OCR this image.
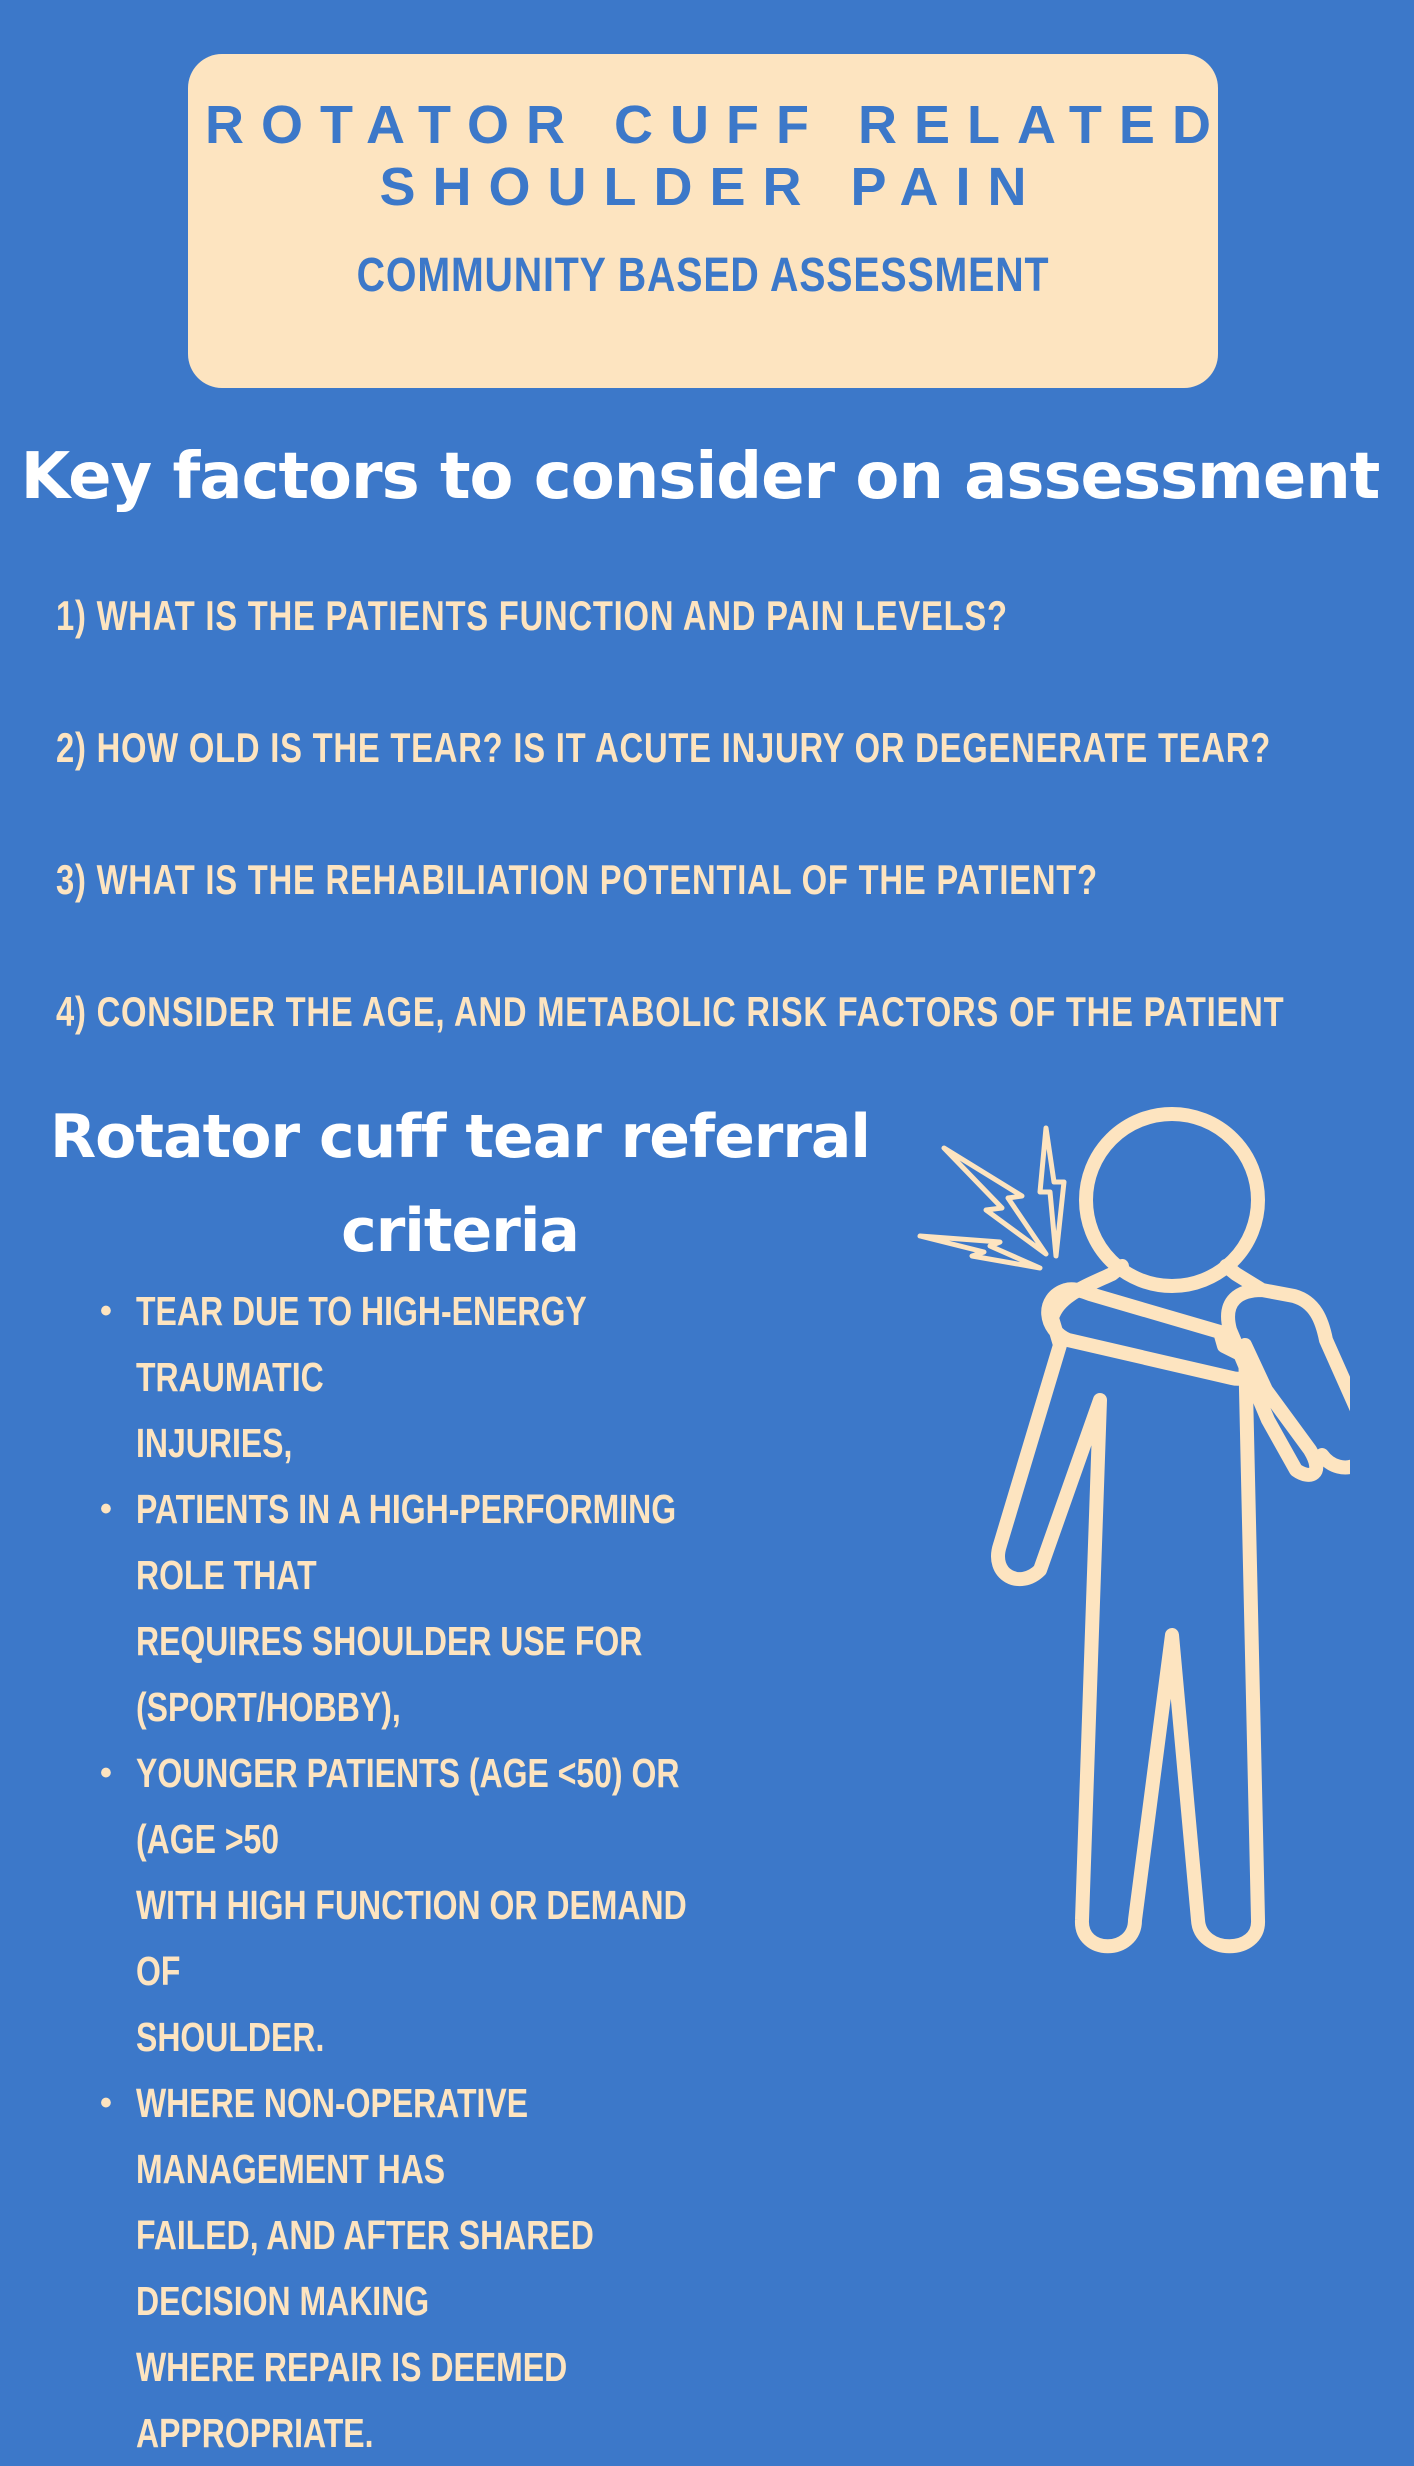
ROTATOR CUFF RELATED
SHOULDER PAIN
COMMUNITY BASED ASSESSMENT
Key factors to consider on assessment
1) WHAT IS THE PATIENTS FUNCTION AND PAIN LEVELS?
2) HOW OLD IS THE TEAR? IS IT ACUTE INJURY OR DEGENERATE TEAR?
3) WHAT IS THE REHABILIATION POTENTIAL OF THE PATIENT?
4) CONSIDER THE AGE, AND METABOLIC RISK FACTORS OF THE PATIENT
Rotator cuff tear referral
criteria
• TEAR DUE TO HIGH-ENERGY TRAUMATIC
INJURIES,
• PATIENTS IN A HIGH-PERFORMING ROLE THAT
REQUIRES SHOULDER USE FOR (SPORT/HOBBY),
• YOUNGER PATIENTS (AGE <50) OR (AGE >50
WITH HIGH FUNCTION OR DEMAND OF
SHOULDER.
• WHERE NON-OPERATIVE MANAGEMENT HAS
FAILED, AND AFTER SHARED DECISION MAKING
WHERE REPAIR IS DEEMED APPROPRIATE.
